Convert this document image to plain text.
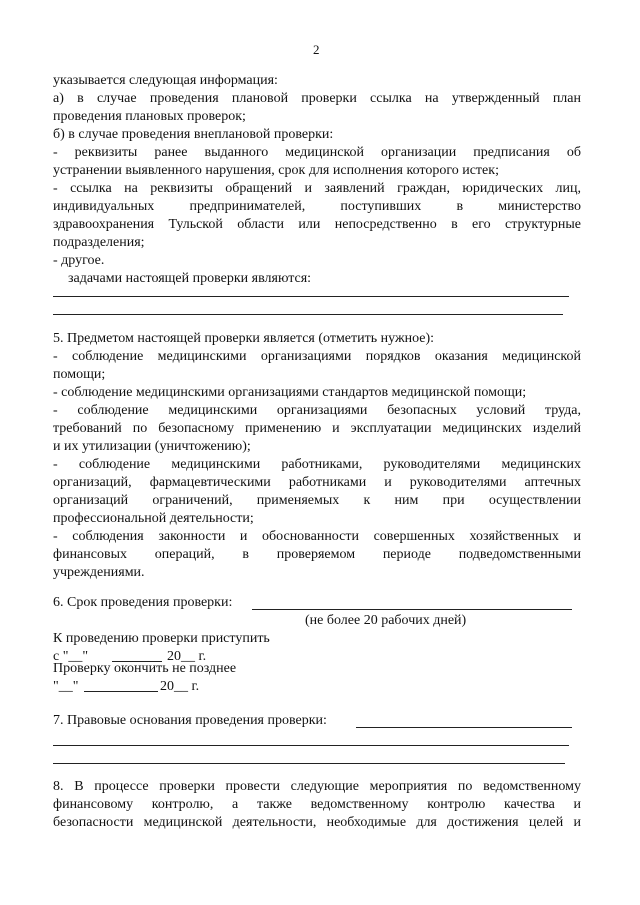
2
указывается следующая информация:
а) в случае проведения плановой проверки ссылка на утвержденный план
проведения плановых проверок;
б) в случае проведения внеплановой проверки:
- реквизиты ранее выданного медицинской организации предписания об
устранении выявленного нарушения, срок для исполнения которого истек;
- ссылка на реквизиты обращений и заявлений граждан, юридических лиц,
индивидуальных предпринимателей, поступивших в министерство
здравоохранения Тульской области или непосредственно в его структурные
подразделения;
- другое.
задачами настоящей проверки являются:
5. Предметом настоящей проверки является (отметить нужное):
- соблюдение медицинскими организациями порядков оказания медицинской
помощи;
- соблюдение медицинскими организациями стандартов медицинской помощи;
- соблюдение медицинскими организациями безопасных условий труда,
требований по безопасному применению и эксплуатации медицинских изделий
и их утилизации (уничтожению);
- соблюдение медицинскими работниками, руководителями медицинских
организаций, фармацевтическими работниками и руководителями аптечных
организаций ограничений, применяемых к ним при осуществлении
профессиональной деятельности;
- соблюдения законности и обоснованности совершенных хозяйственных и
финансовых операций, в проверяемом периоде подведомственными
учреждениями.
6. Срок проведения проверки:
(не более 20 рабочих дней)
К проведению проверки приступить
с "__"	20__ г.
Проверку окончить не позднее
"__"	20__ г.
7. Правовые основания проведения проверки:
8. В процессе проверки провести следующие мероприятия по ведомственному
финансовому контролю, а также ведомственному контролю качества и
безопасности медицинской деятельности, необходимые для достижения целей и
